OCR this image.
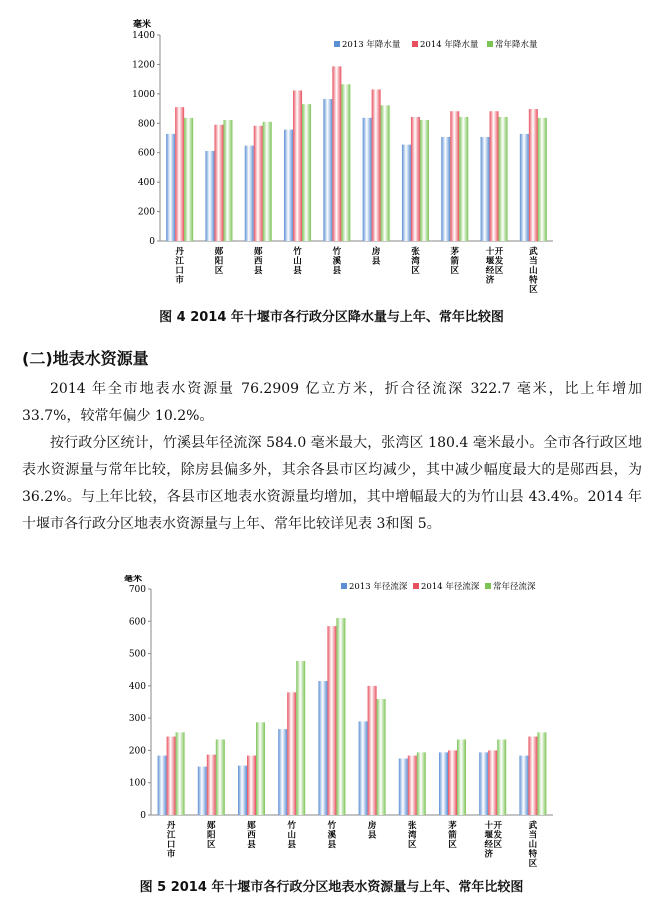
毫米
0
200
400
600
800
1000
1200
1400
2013 年降水量 2014 年降水量 常年降水量
丹
江
口
市
郧
阳
区
郧
西
县
竹
山
县
竹
溪
县
房
县
张
湾
区
茅
箭
区
十
堰
经
济
开
发
区
武
当
山
特
区
图 4 2014 年十堰市各行政分区降水量与上年、常年比较图
(二)地表水资源量

2014 年全市地表水资源量 76.2909 亿立方米，折合径流深 322.7 毫米，比上年增加 33.7%，较常年偏少 10.2%。

按行政分区统计，竹溪县年径流深 584.0 毫米最大，张湾区 180.4 毫米最小。全市各行政区地表水资源量与常年比较，除房县偏多外，其余各县市区均减少，其中减少幅度最大的是郧西县，为 36.2%。与上年比较，各县市区地表水资源量均增加，其中增幅最大的为竹山县 43.4%。2014 年十堰市各行政分区地表水资源量与上年、常年比较详见表 3和图 5。

毫米
0
100
200
300
400
500
600
700	2013 年径流深 2014 年径流深 常年径流深
丹
江
口
市
郧
阳
区
郧
西
县
竹
山
县
竹
溪
县
房
县
张
湾
区
茅
箭
区
十
堰
经
济
开
发
区
武
当
山
特
区
图 5 2014 年十堰市各行政分区地表水资源量与上年、常年比较图
